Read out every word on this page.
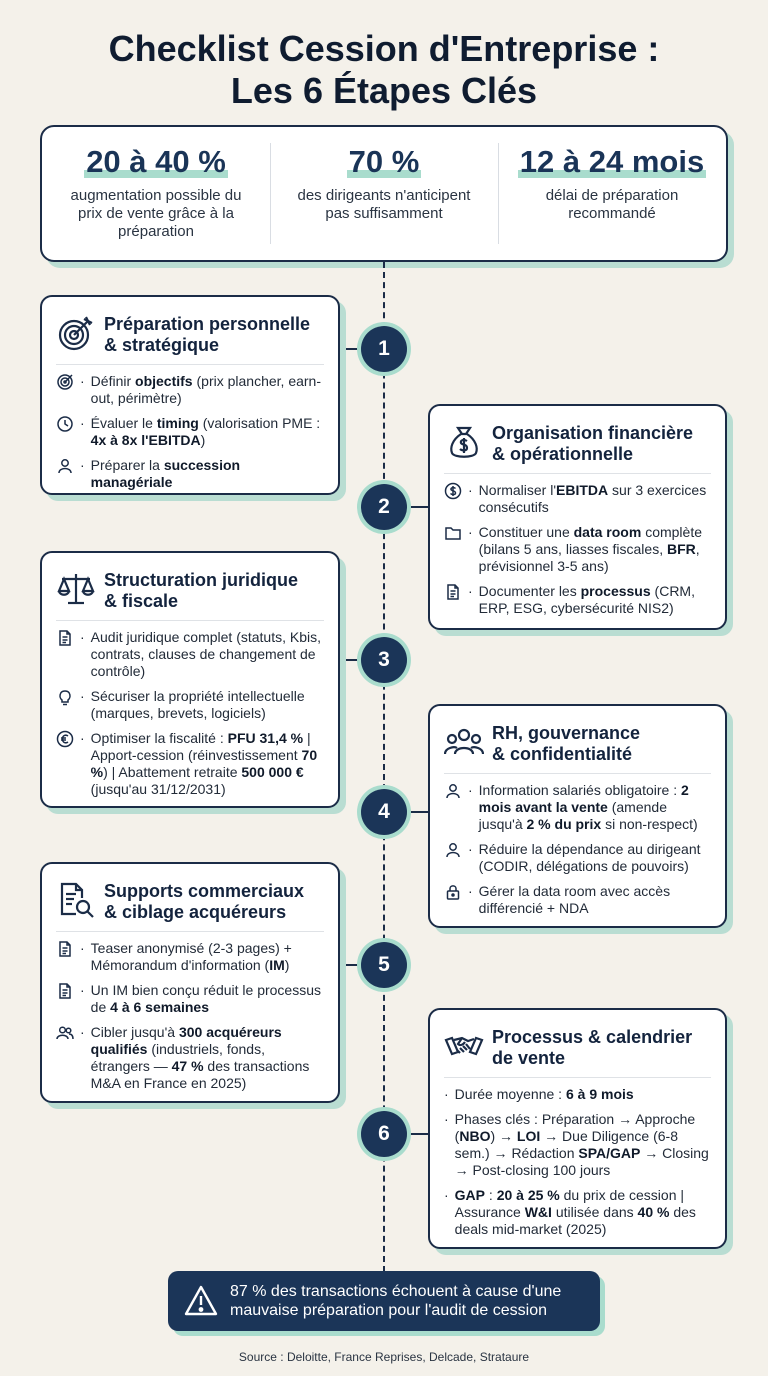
Checklist Cession d'Entreprise :
Les 6 Étapes Clés
20 à 40 %
augmentation possible du prix de vente grâce à la préparation
70 %
des dirigeants n'anticipent pas suffisamment
12 à 24 mois
délai de préparation recommandé
1
2
3
4
5
6
Préparation personnelle
& stratégique
· Définir objectifs (prix plancher, earn-out, périmètre)
· Évaluer le timing (valorisation PME : 4x à 8x l'EBITDA)
· Préparer la succession managériale
Organisation financière
& opérationnelle
· Normaliser l'EBITDA sur 3 exercices consécutifs
· Constituer une data room complète (bilans 5 ans, liasses fiscales, BFR, prévisionnel 3-5 ans)
· Documenter les processus (CRM, ERP, ESG, cybersécurité NIS2)
Structuration juridique
& fiscale
· Audit juridique complet (statuts, Kbis, contrats, clauses de changement de contrôle)
· Sécuriser la propriété intellectuelle (marques, brevets, logiciels)
· Optimiser la fiscalité : PFU 31,4 % | Apport-cession (réinvestissement 70 %) | Abattement retraite 500 000 € (jusqu'au 31/12/2031)
RH, gouvernance
& confidentialité
· Information salariés obligatoire : 2 mois avant la vente (amende jusqu'à 2 % du prix si non-respect)
· Réduire la dépendance au dirigeant (CODIR, délégations de pouvoirs)
· Gérer la data room avec accès différencié + NDA
Supports commerciaux
& ciblage acquéreurs
· Teaser anonymisé (2-3 pages) + Mémorandum d'information (IM)
· Un IM bien conçu réduit le processus de 4 à 6 semaines
· Cibler jusqu'à 300 acquéreurs qualifiés (industriels, fonds, étrangers — 47 % des transactions M&A en France en 2025)
Processus & calendrier
de vente
· Durée moyenne : 6 à 9 mois
· Phases clés : Préparation → Approche (NBO) → LOI → Due Diligence (6-8 sem.) → Rédaction SPA/GAP → Closing → Post-closing 100 jours
· GAP : 20 à 25 % du prix de cession | Assurance W&I utilisée dans 40 % des deals mid-market (2025)
87 % des transactions échouent à cause d'une mauvaise préparation pour l'audit de cession
Source : Deloitte, France Reprises, Delcade, Strataure
